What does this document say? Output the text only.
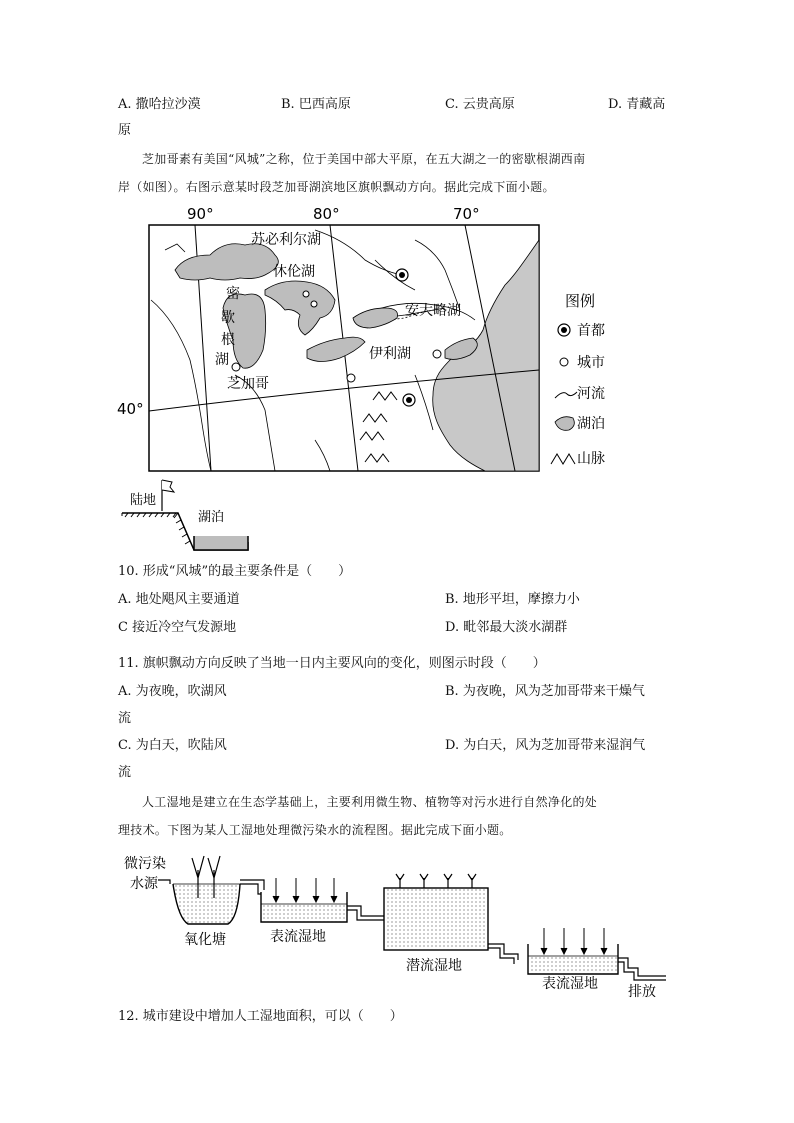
A. 撒哈拉沙漠	B. 巴西高原	C. 云贵高原	D. 青藏高
原
芝加哥素有美国“风城”之称，位于美国中部大平原，在五大湖之一的密歇根湖西南
岸（如图）。右图示意某时段芝加哥湖滨地区旗帜飘动方向。据此完成下面小题。
90°	80°	70°
40°
苏必利尔湖
休伦湖
密
歇
根
湖
安大略湖
伊利湖
芝加哥
图例
首都
城市
河流
湖泊
山脉
陆地
湖泊
10. 形成“风城”的最主要条件是（　　）
A. 地处飓风主要通道	B. 地形平坦，摩擦力小
C 接近冷空气发源地	D. 毗邻最大淡水湖群
11. 旗帜飘动方向反映了当地一日内主要风向的变化，则图示时段（　　）
A. 为夜晚，吹湖风	B. 为夜晚，风为芝加哥带来干燥气
流
C. 为白天，吹陆风	D. 为白天，风为芝加哥带来湿润气
流
人工湿地是建立在生态学基础上，主要利用微生物、植物等对污水进行自然净化的处
理技术。下图为某人工湿地处理微污染水的流程图。据此完成下面小题。
微污染
水源
氧化塘	表流湿地
潜流湿地
表流湿地 排放
12. 城市建设中增加人工湿地面积，可以（　　）
